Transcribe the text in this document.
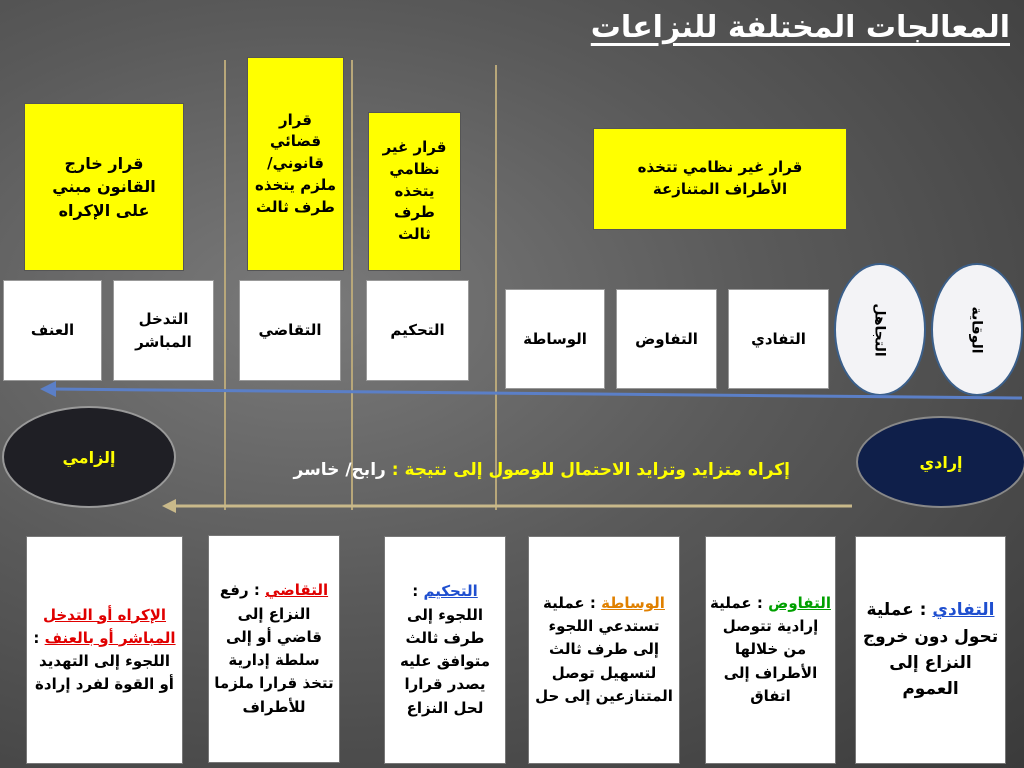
المعالجات المختلفة للنزاعات
قرار خارج القانون مبني على الإكراه
قرار قضائي قانوني/ ملزم يتخذه طرف ثالث
قرار غير نظامي يتخذه طرف ثالث
قرار غير نظامي تتخذه الأطراف المتنازعة
العنف
التدخل المباشر
التقاضي	التحكيم	الوساطة	التفاوض	التفادي	التجاهل	الوقاية
إلزامي	إرادي
إكراه متزايد وتزايد الاحتمال للوصول إلى نتيجة : رابح/ خاسر
الإكراه أو التدخل المباشر أو بالعنف : اللجوء إلى التهديد أو القوة لفرد إرادة
التقاضي : رفع النزاع إلى قاضي أو إلى سلطة إدارية تتخذ قرارا ملزما للأطراف
التحكيم : اللجوء إلى طرف ثالث متوافق عليه يصدر قرارا لحل النزاع
الوساطة : عملية تستدعي اللجوء إلى طرف ثالث لتسهيل توصل المتنازعين إلى حل
التفاوض : عملية إرادية تتوصل من خلالها الأطراف إلى اتفاق
التفادي : عملية تحول دون خروج النزاع إلى العموم
